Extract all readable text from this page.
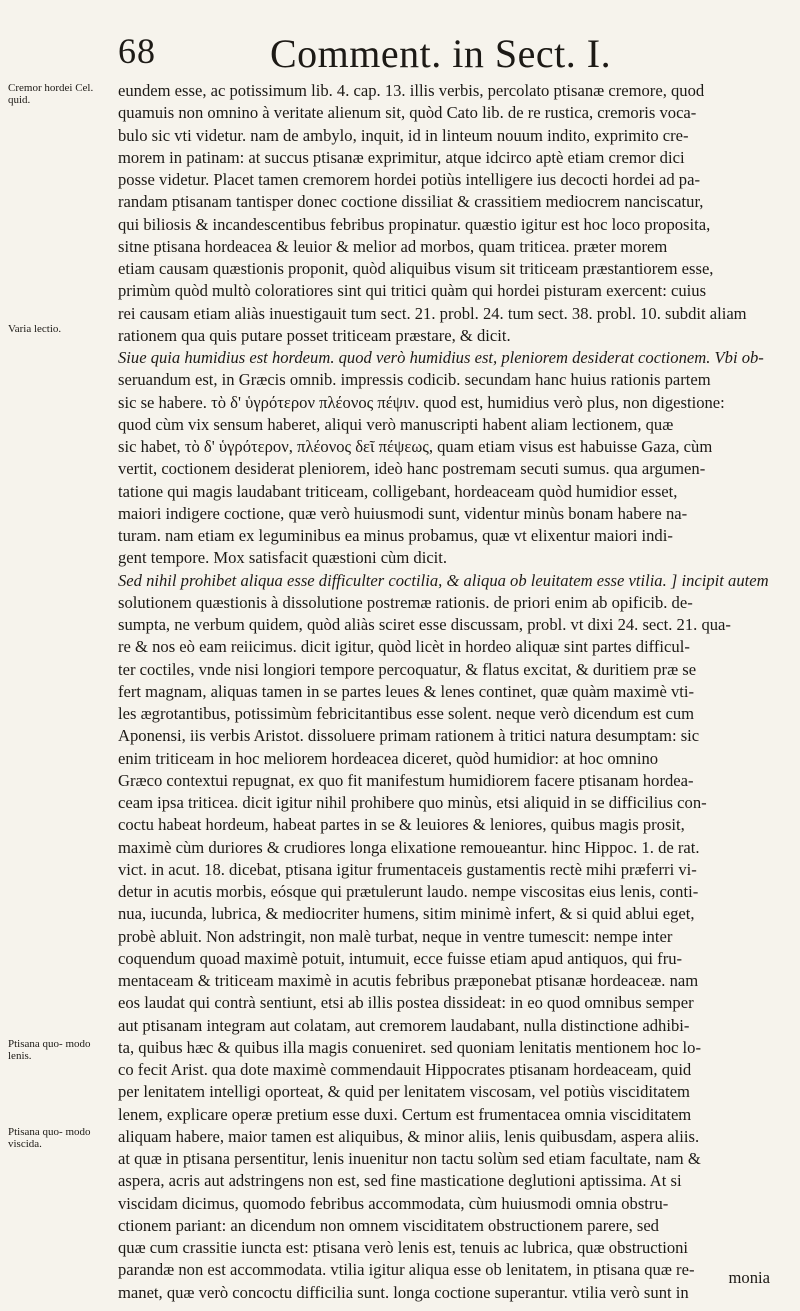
68	Comment. in Sect. I.
Cremor hordei Cel. quid.
Varia lectio.
Ptisana quo- modo lenis.
Ptisana quo- modo viscida.
eundem esse, ac potissimum lib. 4. cap. 13. illis verbis, percolato ptisanæ cremore, quod
quamuis non omnino à veritate alienum sit, quòd Cato lib. de re rustica, cremoris voca-
bulo sic vti videtur. nam de ambylo, inquit, id in linteum nouum indito, exprimito cre-
morem in patinam: at succus ptisanæ exprimitur, atque idcirco aptè etiam cremor dici
posse videtur. Placet tamen cremorem hordei potiùs intelligere ius decocti hordei ad pa-
randam ptisanam tantisper donec coctione dissiliat & crassitiem mediocrem nanciscatur,
qui biliosis & incandescentibus febribus propinatur. quæstio igitur est hoc loco proposita,
sitne ptisana hordeacea & leuior & melior ad morbos, quam triticea. præter morem
etiam causam quæstionis proponit, quòd aliquibus visum sit triticeam præstantiorem esse,
primùm quòd multò coloratiores sint qui tritici quàm qui hordei pisturam exercent: cuius
rei causam etiam aliàs inuestigauit tum sect. 21. probl. 24. tum sect. 38. probl. 10. subdit aliam
rationem qua quis putare posset triticeam præstare, & dicit.
Siue quia humidius est hordeum. quod verò humidius est, pleniorem desiderat coctionem. Vbi ob-
seruandum est, in Græcis omnib. impressis codicib. secundam hanc huius rationis partem
sic se habere. τὸ δ' ὑγρότερον πλέονος πέψιν. quod est, humidius verò plus, non digestione:
quod cùm vix sensum haberet, aliqui verò manuscripti habent aliam lectionem, quæ
sic habet, τὸ δ' ὑγρότερον, πλέονος δεῖ πέψεως, quam etiam visus est habuisse Gaza, cùm
vertit, coctionem desiderat pleniorem, ideò hanc postremam secuti sumus. qua argumen-
tatione qui magis laudabant triticeam, colligebant, hordeaceam quòd humidior esset,
maiori indigere coctione, quæ verò huiusmodi sunt, videntur minùs bonam habere na-
turam. nam etiam ex leguminibus ea minus probamus, quæ vt elixentur maiori indi-
gent tempore. Mox satisfacit quæstioni cùm dicit.
Sed nihil prohibet aliqua esse difficulter coctilia, & aliqua ob leuitatem esse vtilia. ] incipit autem
solutionem quæstionis à dissolutione postremæ rationis. de priori enim ab opificib. de-
sumpta, ne verbum quidem, quòd aliàs sciret esse discussam, probl. vt dixi 24. sect. 21. qua-
re & nos eò eam reiicimus. dicit igitur, quòd licèt in hordeo aliquæ sint partes difficul-
ter coctiles, vnde nisi longiori tempore percoquatur, & flatus excitat, & duritiem præ se
fert magnam, aliquas tamen in se partes leues & lenes continet, quæ quàm maximè vti-
les ægrotantibus, potissimùm febricitantibus esse solent. neque verò dicendum est cum
Aponensi, iis verbis Aristot. dissoluere primam rationem à tritici natura desumptam: sic
enim triticeam in hoc meliorem hordeacea diceret, quòd humidior: at hoc omnino
Græco contextui repugnat, ex quo fit manifestum humidiorem facere ptisanam hordea-
ceam ipsa triticea. dicit igitur nihil prohibere quo minùs, etsi aliquid in se difficilius con-
coctu habeat hordeum, habeat partes in se & leuiores & leniores, quibus magis prosit,
maximè cùm duriores & crudiores longa elixatione remoueantur. hinc Hippoc. 1. de rat.
vict. in acut. 18. dicebat, ptisana igitur frumentaceis gustamentis rectè mihi præferri vi-
detur in acutis morbis, eósque qui prætulerunt laudo. nempe viscositas eius lenis, conti-
nua, iucunda, lubrica, & mediocriter humens, sitim minimè infert, & si quid ablui eget,
probè abluit. Non adstringit, non malè turbat, neque in ventre tumescit: nempe inter
coquendum quoad maximè potuit, intumuit, ecce fuisse etiam apud antiquos, qui fru-
mentaceam & triticeam maximè in acutis febribus præponebat ptisanæ hordeaceæ. nam
eos laudat qui contrà sentiunt, etsi ab illis postea dissideat: in eo quod omnibus semper
aut ptisanam integram aut colatam, aut cremorem laudabant, nulla distinctione adhibi-
ta, quibus hæc & quibus illa magis conueniret. sed quoniam lenitatis mentionem hoc lo-
co fecit Arist. qua dote maximè commendauit Hippocrates ptisanam hordeaceam, quid
per lenitatem intelligi oporteat, & quid per lenitatem viscosam, vel potiùs visciditatem
lenem, explicare operæ pretium esse duxi. Certum est frumentacea omnia visciditatem
aliquam habere, maior tamen est aliquibus, & minor aliis, lenis quibusdam, aspera aliis.
at quæ in ptisana persentitur, lenis inuenitur non tactu solùm sed etiam facultate, nam &
aspera, acris aut adstringens non est, sed fine masticatione deglutioni aptissima. At si
viscidam dicimus, quomodo febribus accommodata, cùm huiusmodi omnia obstru-
ctionem pariant: an dicendum non omnem visciditatem obstructionem parere, sed
quæ cum crassitie iuncta est: ptisana verò lenis est, tenuis ac lubrica, quæ obstructioni
parandæ non est accommodata. vtilia igitur aliqua esse ob lenitatem, in ptisana quæ re-
manet, quæ verò concoctu difficilia sunt. longa coctione superantur. vtilia verò sunt in
monia
